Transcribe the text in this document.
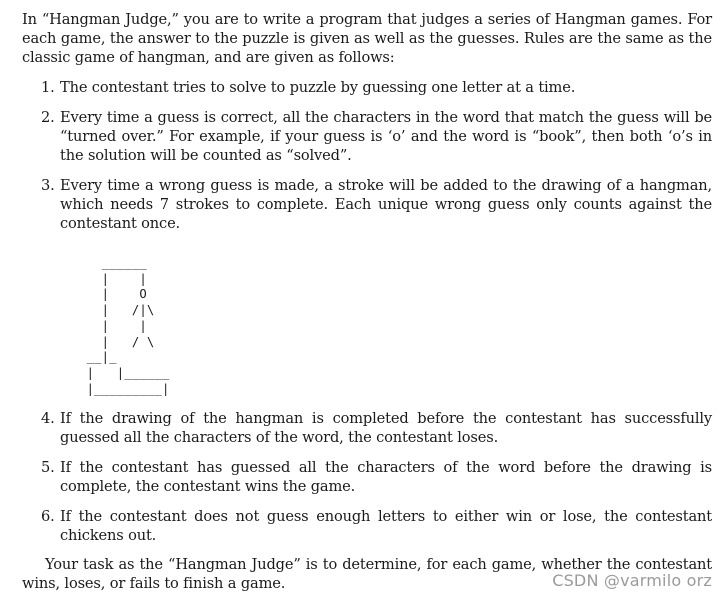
In “Hangman Judge,” you are to write a program that judges a series of Hangman games. For each game, the answer to the puzzle is given as well as the guesses. Rules are the same as the classic game of hangman, and are given as follows:

1. The contestant tries to solve to puzzle by guessing one letter at a time.
2. Every time a guess is correct, all the characters in the word that match the guess will be “turned over.” For example, if your guess is ‘o’ and the word is “book”, then both ‘o’s in the solution will be counted as “solved”.
3. Every time a wrong guess is made, a stroke will be added to the drawing of a hangman, which needs 7 strokes to complete. Each unique wrong guess only counts against the contestant once.
______
|    |
|    O
|   /|\
|    |
|   / \
__|_
|   |______
|_________|
4. If the drawing of the hangman is completed before the contestant has successfully guessed all the characters of the word, the contestant loses.
5. If the contestant has guessed all the characters of the word before the drawing is complete, the contestant wins the game.
6. If the contestant does not guess enough letters to either win or lose, the contestant chickens out.

Your task as the “Hangman Judge” is to determine, for each game, whether the contestant wins, loses, or fails to finish a game.	CSDN @varmilo orz
